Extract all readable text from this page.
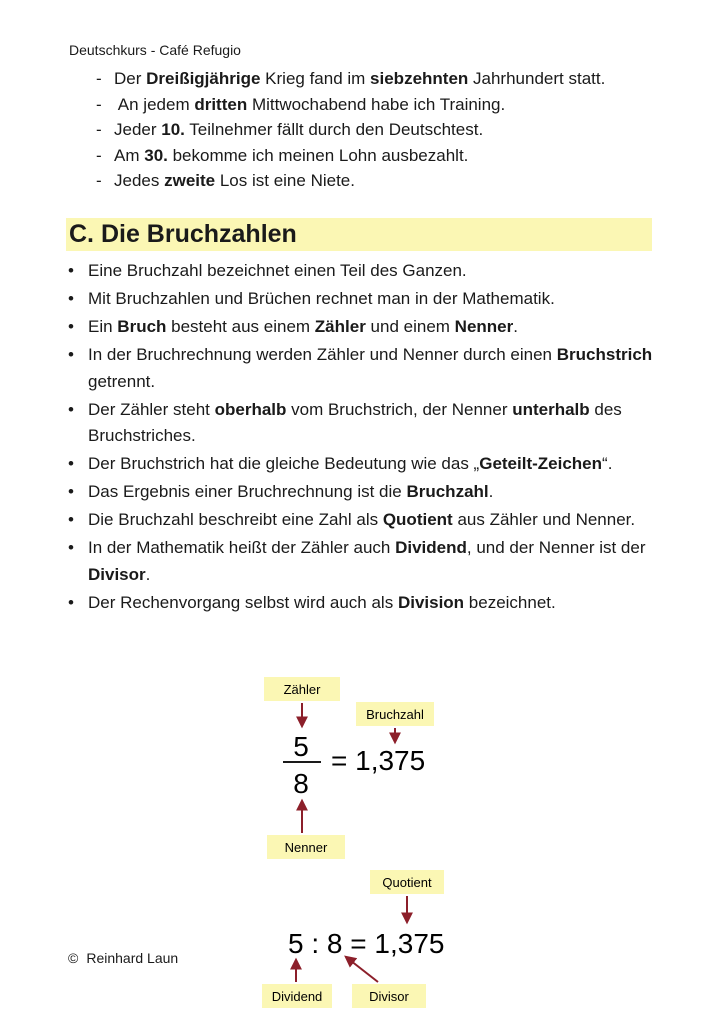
Deutschkurs - Café Refugio
- Der Dreißigjährige Krieg fand im siebzehnten Jahrhundert statt.
- An jedem dritten Mittwochabend habe ich Training.
- Jeder 10. Teilnehmer fällt durch den Deutschtest.
- Am 30. bekomme ich meinen Lohn ausbezahlt.
- Jedes zweite Los ist eine Niete.
C. Die Bruchzahlen
• Eine Bruchzahl bezeichnet einen Teil des Ganzen.
• Mit Bruchzahlen und Brüchen rechnet man in der Mathematik.
• Ein Bruch besteht aus einem Zähler und einem Nenner.
• In der Bruchrechnung werden Zähler und Nenner durch einen Bruchstrich getrennt.
• Der Zähler steht oberhalb vom Bruchstrich, der Nenner unterhalb des Bruchstriches.
• Der Bruchstrich hat die gleiche Bedeutung wie das „Geteilt-Zeichen“.
• Das Ergebnis einer Bruchrechnung ist die Bruchzahl.
• Die Bruchzahl beschreibt eine Zahl als Quotient aus Zähler und Nenner.
• In der Mathematik heißt der Zähler auch Dividend, und der Nenner ist der Divisor.
• Der Rechenvorgang selbst wird auch als Division bezeichnet.
Zähler
Bruchzahl
5
8
= 1,375
Nenner
Quotient
5 : 8 = 1,375
Dividend	Divisor
© Reinhard Laun
